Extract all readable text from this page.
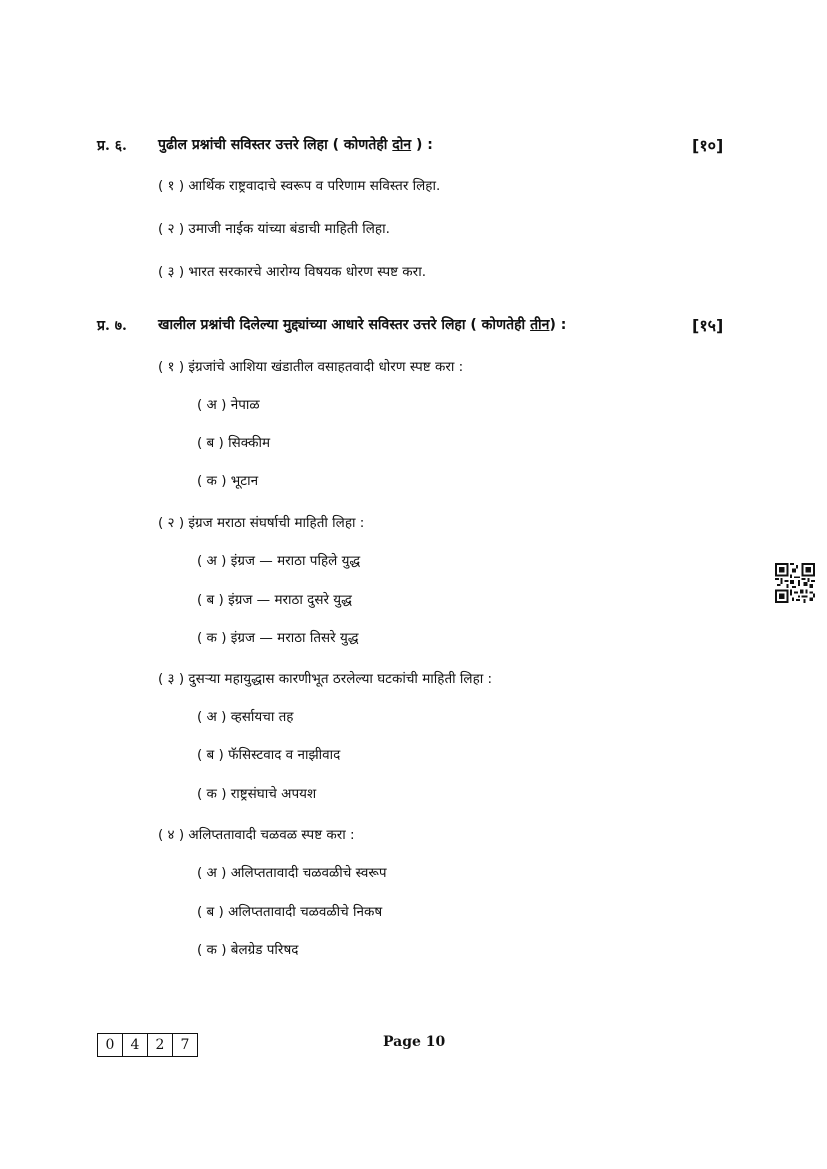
प्र. ६. पुढील प्रश्नांची सविस्तर उत्तरे लिहा ( कोणतेही दोन ) :	[१०]
( १ ) आर्थिक राष्ट्रवादाचे स्वरूप व परिणाम सविस्तर लिहा.
( २ ) उमाजी नाईक यांच्या बंडाची माहिती लिहा.
( ३ ) भारत सरकारचे आरोग्य विषयक धोरण स्पष्ट करा.
प्र. ७. खालील प्रश्नांची दिलेल्या मुद्द्यांच्या आधारे सविस्तर उत्तरे लिहा ( कोणतेही तीन) :	[१५]
( १ ) इंग्रजांचे आशिया खंडातील वसाहतवादी धोरण स्पष्ट करा :
( अ ) नेपाळ
( ब ) सिक्कीम
( क ) भूटान
( २ ) इंग्रज मराठा संघर्षाची माहिती लिहा :
( अ ) इंग्रज — मराठा पहिले युद्ध
( ब ) इंग्रज — मराठा दुसरे युद्ध
( क ) इंग्रज — मराठा तिसरे युद्ध
( ३ ) दुसऱ्या महायुद्धास कारणीभूत ठरलेल्या घटकांची माहिती लिहा :
( अ ) व्हर्सायचा तह
( ब ) फॅसिस्टवाद व नाझीवाद
( क ) राष्ट्रसंघाचे अपयश
( ४ ) अलिप्ततावादी चळवळ स्पष्ट करा :
( अ ) अलिप्ततावादी चळवळीचे स्वरूप
( ब ) अलिप्ततावादी चळवळीचे निकष
( क ) बेलग्रेड परिषद
0	4	2	7	Page 10
